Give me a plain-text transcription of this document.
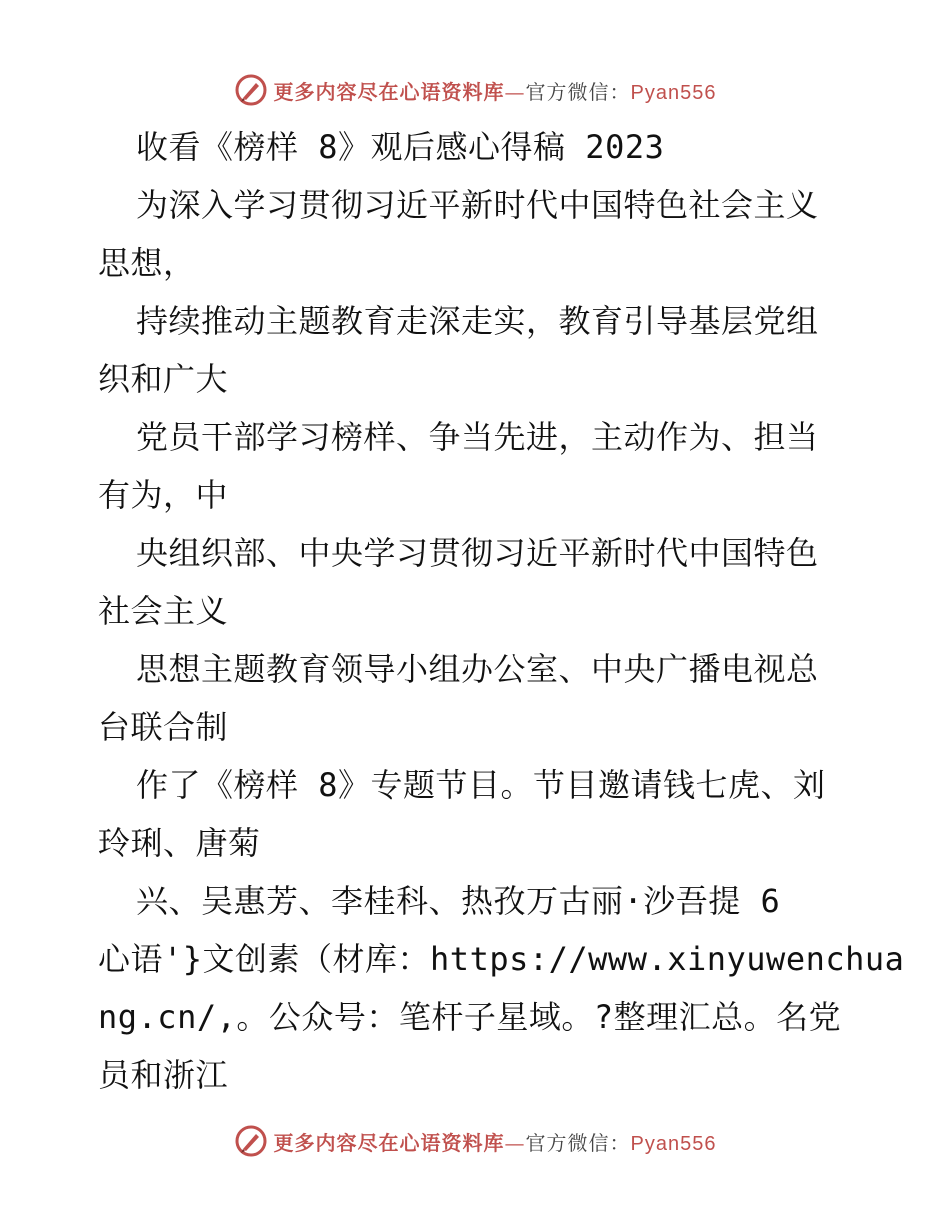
更多内容尽在心语资料库—官方微信：Pyan556
收看《榜样 8》观后感心得稿 2023
为深入学习贯彻习近平新时代中国特色社会主义
思想，
持续推动主题教育走深走实，教育引导基层党组
织和广大
党员干部学习榜样、争当先进，主动作为、担当
有为，中
央组织部、中央学习贯彻习近平新时代中国特色
社会主义
思想主题教育领导小组办公室、中央广播电视总
台联合制
作了《榜样 8》专题节目。节目邀请钱七虎、刘
玲琍、唐菊
兴、吴惠芳、李桂科、热孜万古丽·沙吾提 6
心语'}文创素（材库：https://www.xinyuwenchua
ng.cn/,。公众号：笔杆子星域。?整理汇总。名党
员和浙江
更多内容尽在心语资料库—官方微信：Pyan556
